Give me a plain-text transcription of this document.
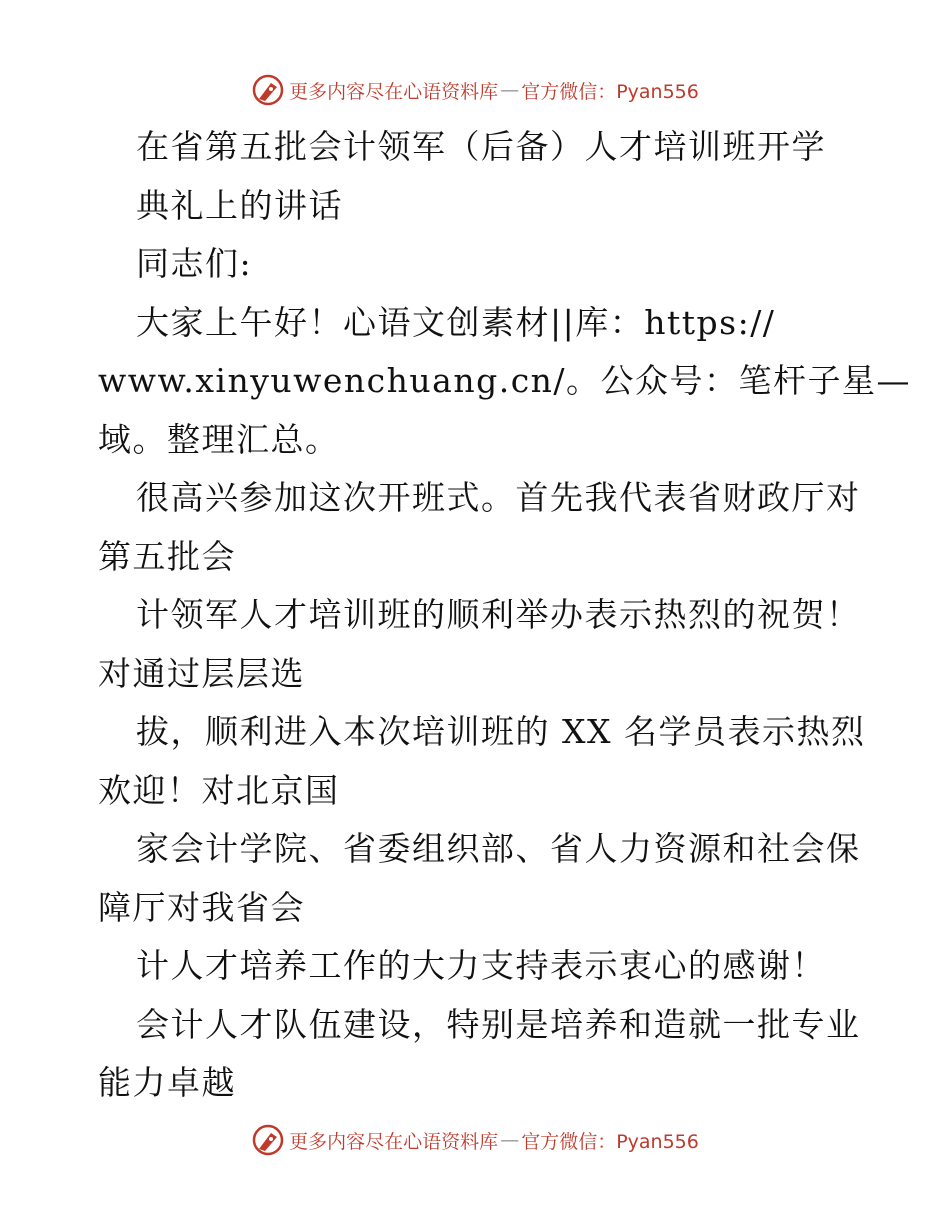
更多内容尽在 心语资料库 — 官方微信：Pyan556
在省第五批会计领军（后备）人才培训班开学
典礼上的讲话
同志们:
大家上午好！心语文创素材||库：https://
www.xinyuwenchuang.cn/。公众号：笔杆子星—
域。整理汇总。
很高兴参加这次开班式。首先我代表省财政厅对
第五批会
计领军人才培训班的顺利举办表示热烈的祝贺！
对通过层层选
拔，顺利进入本次培训班的 XX 名学员表示热烈
欢迎！对北京国
家会计学院、省委组织部、省人力资源和社会保
障厅对我省会
计人才培养工作的大力支持表示衷心的感谢！
会计人才队伍建设，特别是培养和造就一批专业
能力卓越
更多内容尽在 心语资料库 — 官方微信：Pyan556
